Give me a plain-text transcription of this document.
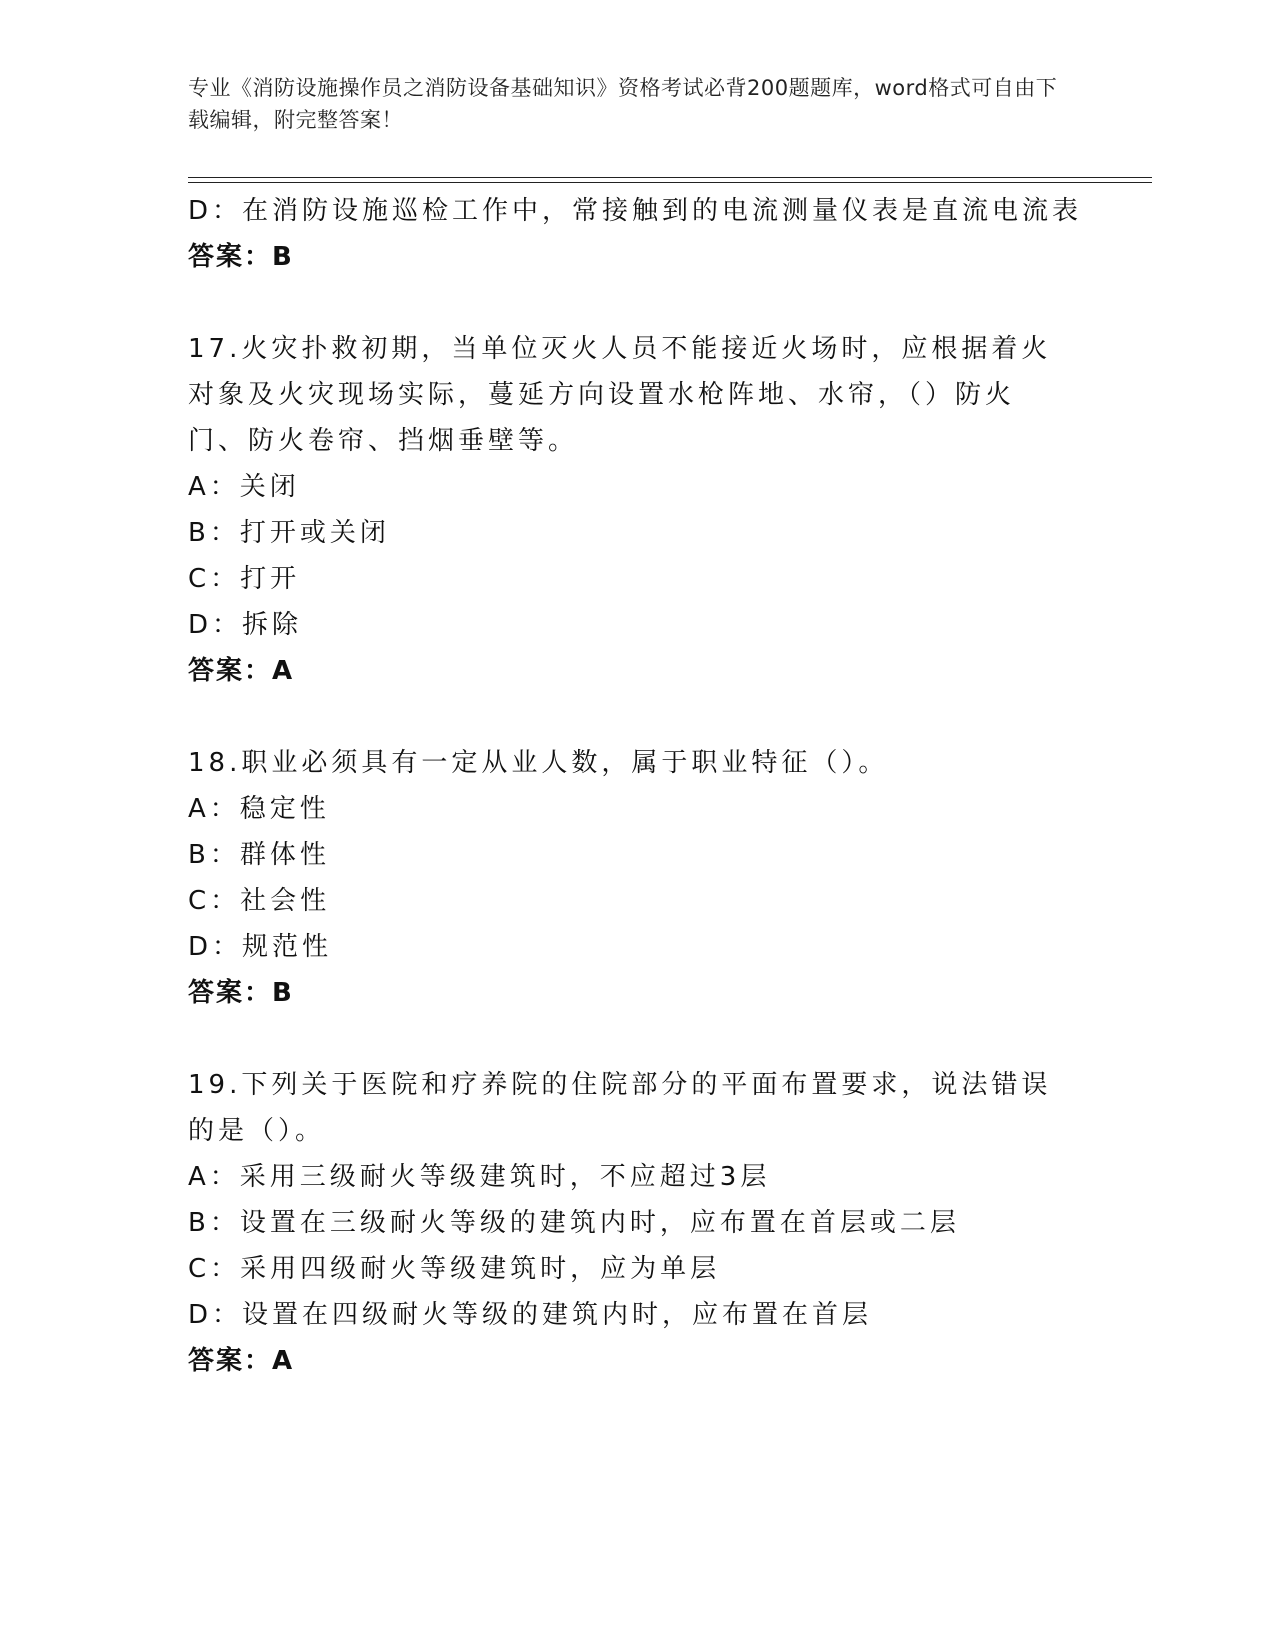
专业《消防设施操作员之消防设备基础知识》资格考试必背200题题库，word格式可自由下载编辑，附完整答案！
D：在消防设施巡检工作中，常接触到的电流测量仪表是直流电流表
答案：B
17.火灾扑救初期，当单位灭火人员不能接近火场时，应根据着火对象及火灾现场实际，蔓延方向设置水枪阵地、水帘，（）防火门、防火卷帘、挡烟垂壁等。
A：关闭
B：打开或关闭
C：打开
D：拆除
答案：A
18.职业必须具有一定从业人数，属于职业特征（）。
A：稳定性
B：群体性
C：社会性
D：规范性
答案：B
19.下列关于医院和疗养院的住院部分的平面布置要求，说法错误的是（）。
A：采用三级耐火等级建筑时，不应超过3层
B：设置在三级耐火等级的建筑内时，应布置在首层或二层
C：采用四级耐火等级建筑时，应为单层
D：设置在四级耐火等级的建筑内时，应布置在首层
答案：A
